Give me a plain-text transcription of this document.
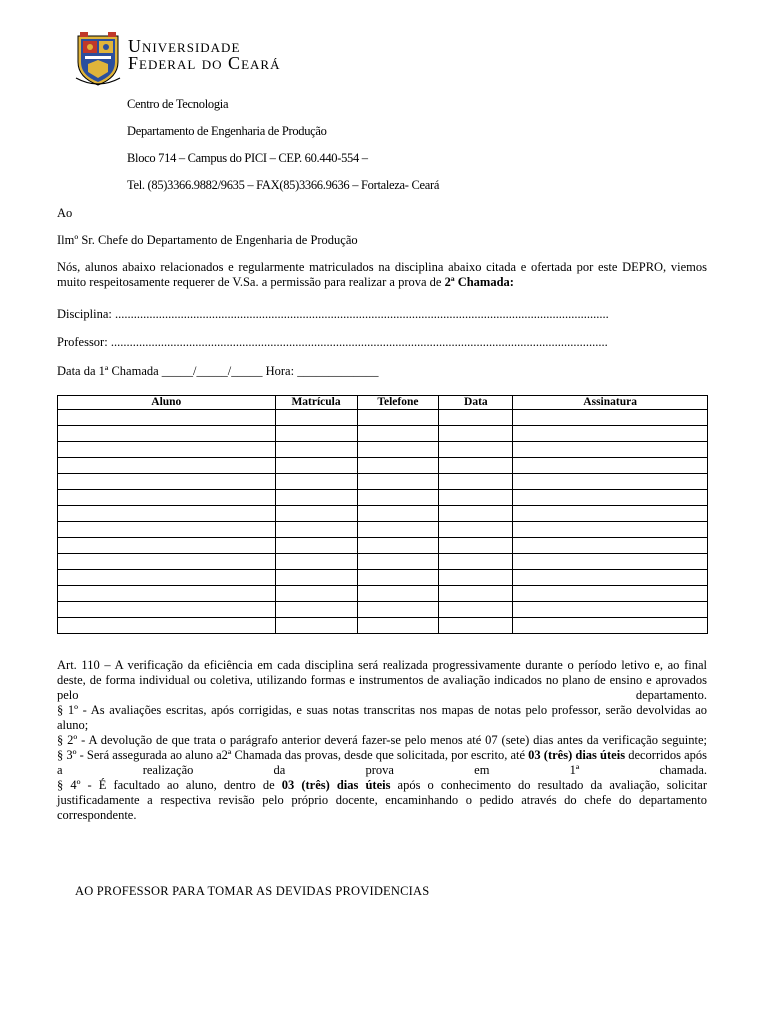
Universidade
Federal do Ceará
Centro de Tecnologia
Departamento de Engenharia de Produção
Bloco 714 – Campus do PICI – CEP. 60.440-554 –
Tel. (85)3366.9882/9635 – FAX(85)3366.9636 – Fortaleza- Ceará
Ao
Ilmº Sr. Chefe do Departamento de Engenharia de Produção
Nós, alunos abaixo relacionados e regularmente matriculados na disciplina abaixo citada e ofertada por este DEPRO, viemos muito respeitosamente requerer de V.Sa. a permissão para realizar a prova de 2ª Chamada:
Disciplina: ..............................................................................................................................................................
Professor: ...............................................................................................................................................................
Data da 1ª Chamada _____/_____/_____ Hora: _____________
Aluno	Matrícula	Telefone	Data	Assinatura

Art. 110 – A verificação da eficiência em cada disciplina será realizada progressivamente durante o período letivo e, ao final deste, de forma individual ou coletiva, utilizando formas e instrumentos de avaliação indicados no plano de ensino e aprovados pelo departamento.

§ 1º - As avaliações escritas, após corrigidas, e suas notas transcritas nos mapas de notas pelo professor, serão devolvidas ao aluno;

§ 2º - A devolução de que trata o parágrafo anterior deverá fazer-se pelo menos até 07 (sete) dias antes da verificação seguinte;

§ 3º - Será assegurada ao aluno a2ª Chamada das provas, desde que solicitada, por escrito, até 03 (três) dias úteis decorridos após a realização da prova em 1ª chamada.

§ 4º - É facultado ao aluno, dentro de 03 (três) dias úteis após o conhecimento do resultado da avaliação, solicitar justificadamente a respectiva revisão pelo próprio docente, encaminhando o pedido através do chefe do departamento correspondente.

AO PROFESSOR PARA TOMAR AS DEVIDAS PROVIDENCIAS
